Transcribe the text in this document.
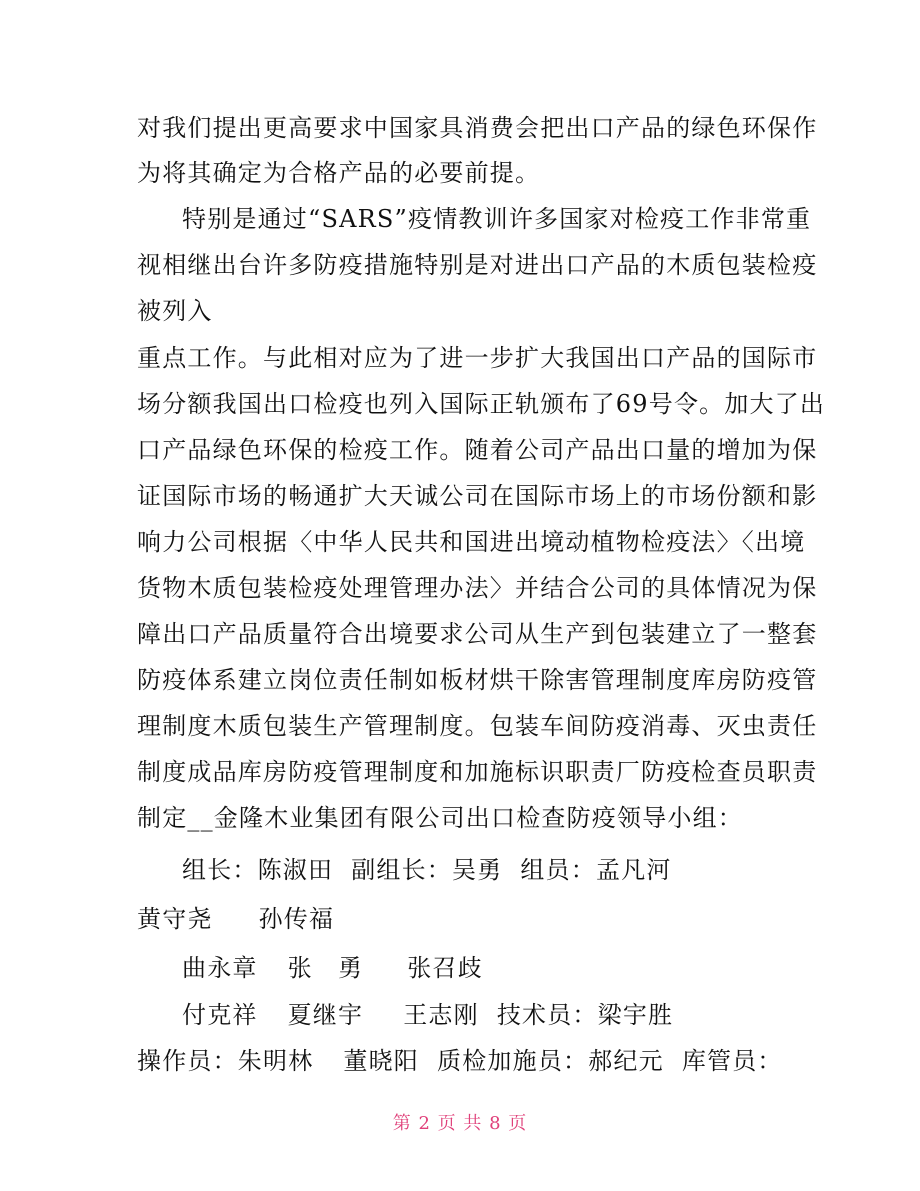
对我们提出更高要求中国家具消费会把出口产品的绿色环保作
为将其确定为合格产品的必要前提。
特别是通过“SARS”疫情教训许多国家对检疫工作非常重
视相继出台许多防疫措施特别是对进出口产品的木质包装检疫
被列入
重点工作。与此相对应为了进一步扩大我国出口产品的国际市
场分额我国出口检疫也列入国际正轨颁布了69号令。加大了出
口产品绿色环保的检疫工作。随着公司产品出口量的增加为保
证国际市场的畅通扩大天诚公司在国际市场上的市场份额和影
响力公司根据〈中华人民共和国进出境动植物检疫法〉〈出境
货物木质包装检疫处理管理办法〉并结合公司的具体情况为保
障出口产品质量符合出境要求公司从生产到包装建立了一整套
防疫体系建立岗位责任制如板材烘干除害管理制度库房防疫管
理制度木质包装生产管理制度。包装车间防疫消毒、灭虫责任
制度成品库房防疫管理制度和加施标识职责厂防疫检查员职责
制定__金隆木业集团有限公司出口检查防疫领导小组：
组长：陈淑田 副组长：吴勇 组员：孟凡河
黄守尧 孙传福
曲永章 张　勇 张召歧
付克祥 夏继宇 王志刚 技术员：梁宇胜
操作员：朱明林 董晓阳 质检加施员：郝纪元 库管员：
第 2 页 共 8 页
